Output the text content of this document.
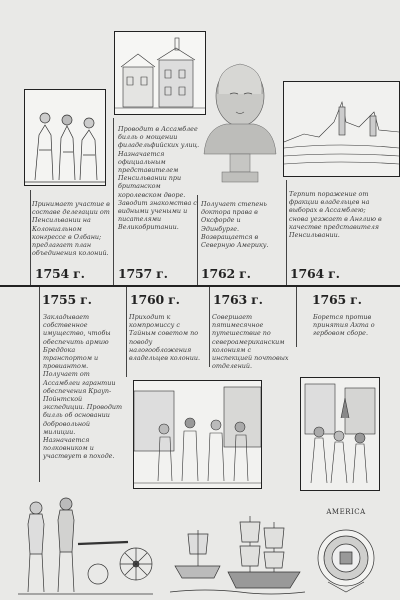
Принимает участие в составе делегации от Пенсильвании на Колониальном конгрессе в Олбани; предлагает план объединения колоний.
Проводит в Ассамблее билль о мощении филадельфийских улиц. Назначается официальным представителем Пенсильвании при британском королевском дворе. Заводит знакомства с видными учеными и писателями Великобритании.
Получает степень доктора права в Оксфорде и Эдинбурге. Возвращается в Северную Америку.
Терпит поражение от фракции владельцев на выборах в Ассамблею; снова уезжает в Англию в качестве представителя Пенсильвании.
1754 г.	1757 г.	1762 г.	1764 г.
1755 г.	1760 г.	1763 г.	1765 г.
Закладывает собственное имущество, чтобы обеспечить армию Бреддока транспортом и провиантом. Получает от Ассамблеи гарантии обеспечения Крауп-Пойнтской экспедиции. Проводит билль об основании добровольной милиции. Назначается полковником и участвует в походе.
Приходит к компромиссу с Тайным советом по поводу налогообложения владельцев колонии.
Совершает пятимесячное путешествие по североамериканским колониям с инспекцией почтовых отделений.
Борется против принятия Акта о гербовом сборе.
AMERICA
